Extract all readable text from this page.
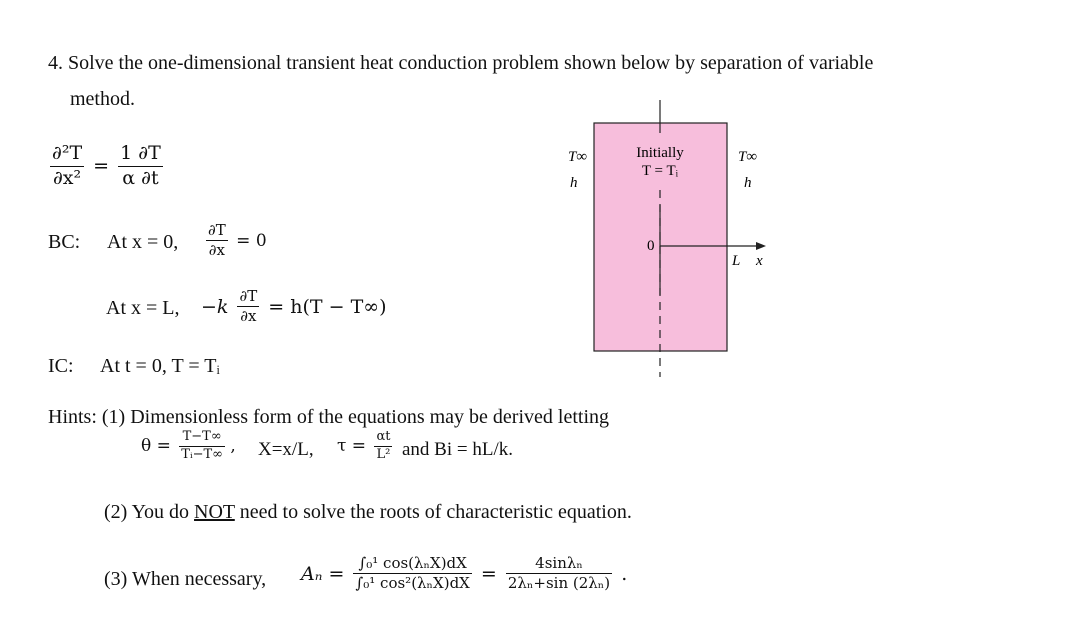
4. Solve the one-dimensional transient heat conduction problem shown below by separation of variable
method.
$\frac{\text{∂²T}}{\text{∂x²}} = \frac{1 \partial T}{\alpha \partial t}$
BC: At x = 0, $\frac{\partial T}{\partial x} = 0$
At x = L, $-k \frac{\partial T}{\partial x} = h(T - T\infty)$
IC: At t = 0, T = Tᵢ
Hints: (1) Dimensionless form of the equations may be derived letting
$\theta = \frac{T-T\infty}{\text{Tᵢ−T∞}}$ , X=x/L, $\tau = \frac{\alpha t}{\text{L²}}$ and Bi = hL/k.
(2) You do NOT need to solve the roots of characteristic equation.
(3) When necessary, $A_n = \frac{\text{∫₀¹ cos(λₙX)dX}}{\text{∫₀¹ cos²(λₙX)dX}} = \frac{\text{4sinλₙ}}{\text{2λₙ+sin (2λₙ)}}$ .
T∞
h
T∞
h
Initially
T = Tᵢ
0
L x
